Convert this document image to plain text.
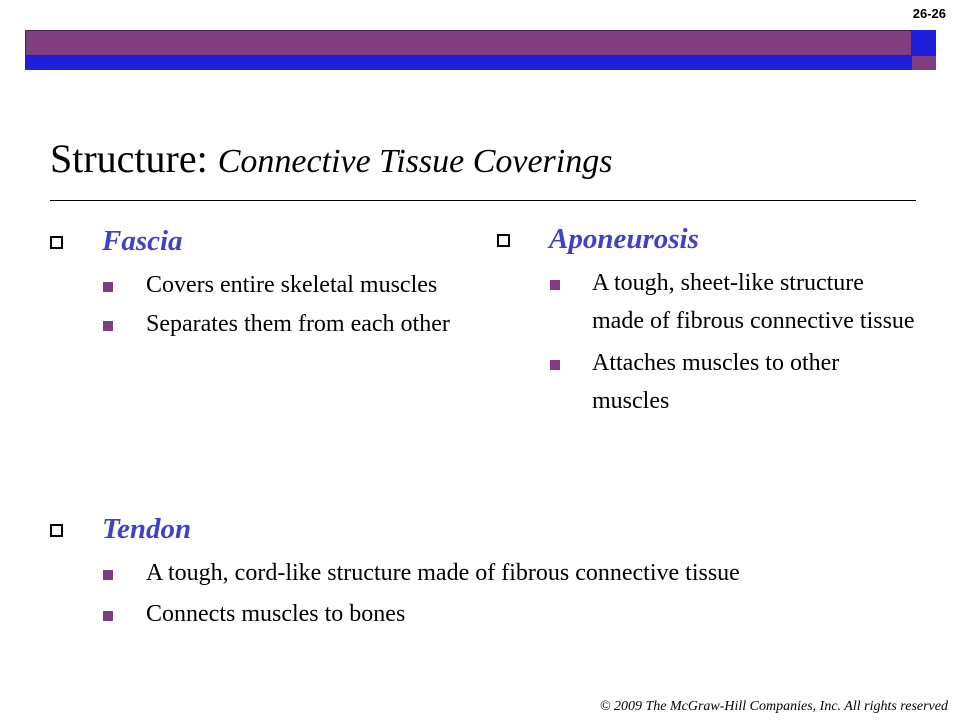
26-26
Structure: Connective Tissue Coverings
Fascia
Covers entire skeletal muscles
Separates them from each other
Aponeurosis
A tough, sheet-like structure made of fibrous connective tissue
Attaches muscles to other muscles
Tendon
A tough, cord-like structure made of fibrous connective tissue
Connects muscles to bones
© 2009 The McGraw-Hill Companies, Inc. All rights reserved
